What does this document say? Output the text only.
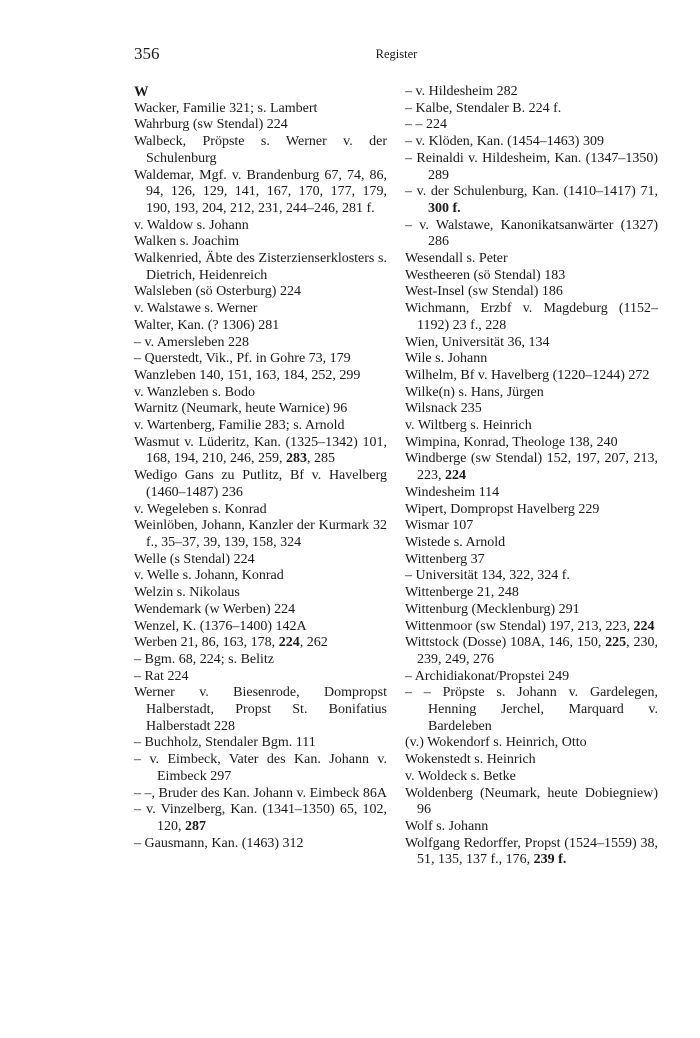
356	Register
W
Wacker, Familie 321; s. Lambert
Wahrburg (sw Stendal) 224
Walbeck, Pröpste s. Werner v. der Schulenburg
Waldemar, Mgf. v. Brandenburg 67, 74, 86, 94, 126, 129, 141, 167, 170, 177, 179, 190, 193, 204, 212, 231, 244–246, 281 f.
v. Waldow s. Johann
Walken s. Joachim
Walkenried, Äbte des Zisterzienserklosters s. Dietrich, Heidenreich
Walsleben (sö Osterburg) 224
v. Walstawe s. Werner
Walter, Kan. (? 1306) 281
– v. Amersleben 228
– Querstedt, Vik., Pf. in Gohre 73, 179
Wanzleben 140, 151, 163, 184, 252, 299
v. Wanzleben s. Bodo
Warnitz (Neumark, heute Warnice) 96
v. Wartenberg, Familie 283; s. Arnold
Wasmut v. Lüderitz, Kan. (1325–1342) 101, 168, 194, 210, 246, 259, 283, 285
Wedigo Gans zu Putlitz, Bf v. Havelberg (1460–1487) 236
v. Wegeleben s. Konrad
Weinlöben, Johann, Kanzler der Kurmark 32 f., 35–37, 39, 139, 158, 324
Welle (s Stendal) 224
v. Welle s. Johann, Konrad
Welzin s. Nikolaus
Wendemark (w Werben) 224
Wenzel, K. (1376–1400) 142A
Werben 21, 86, 163, 178, 224, 262
– Bgm. 68, 224; s. Belitz
– Rat 224
Werner v. Biesenrode, Dompropst Halberstadt, Propst St. Bonifatius Halberstadt 228
– Buchholz, Stendaler Bgm. 111
– v. Eimbeck, Vater des Kan. Johann v. Eimbeck 297
– –, Bruder des Kan. Johann v. Eimbeck 86A
– v. Vinzelberg, Kan. (1341–1350) 65, 102, 120, 287
– Gausmann, Kan. (1463) 312
– v. Hildesheim 282
– Kalbe, Stendaler B. 224 f.
– – 224
– v. Klöden, Kan. (1454–1463) 309
– Reinaldi v. Hildesheim, Kan. (1347–1350) 289
– v. der Schulenburg, Kan. (1410–1417) 71, 300 f.
– v. Walstawe, Kanonikatsanwärter (1327) 286
Wesendall s. Peter
Westheeren (sö Stendal) 183
West-Insel (sw Stendal) 186
Wichmann, Erzbf v. Magdeburg (1152–1192) 23 f., 228
Wien, Universität 36, 134
Wile s. Johann
Wilhelm, Bf v. Havelberg (1220–1244) 272
Wilke(n) s. Hans, Jürgen
Wilsnack 235
v. Wiltberg s. Heinrich
Wimpina, Konrad, Theologe 138, 240
Windberge (sw Stendal) 152, 197, 207, 213, 223, 224
Windesheim 114
Wipert, Dompropst Havelberg 229
Wismar 107
Wistede s. Arnold
Wittenberg 37
– Universität 134, 322, 324 f.
Wittenberge 21, 248
Wittenburg (Mecklenburg) 291
Wittenmoor (sw Stendal) 197, 213, 223, 224
Wittstock (Dosse) 108A, 146, 150, 225, 230, 239, 249, 276
– Archidiakonat/Propstei 249
– – Pröpste s. Johann v. Gardelegen, Henning Jerchel, Marquard v. Bardeleben
(v.) Wokendorf s. Heinrich, Otto
Wokenstedt s. Heinrich
v. Woldeck s. Betke
Woldenberg (Neumark, heute Dobiegniew) 96
Wolf s. Johann
Wolfgang Redorffer, Propst (1524–1559) 38, 51, 135, 137 f., 176, 239 f.
